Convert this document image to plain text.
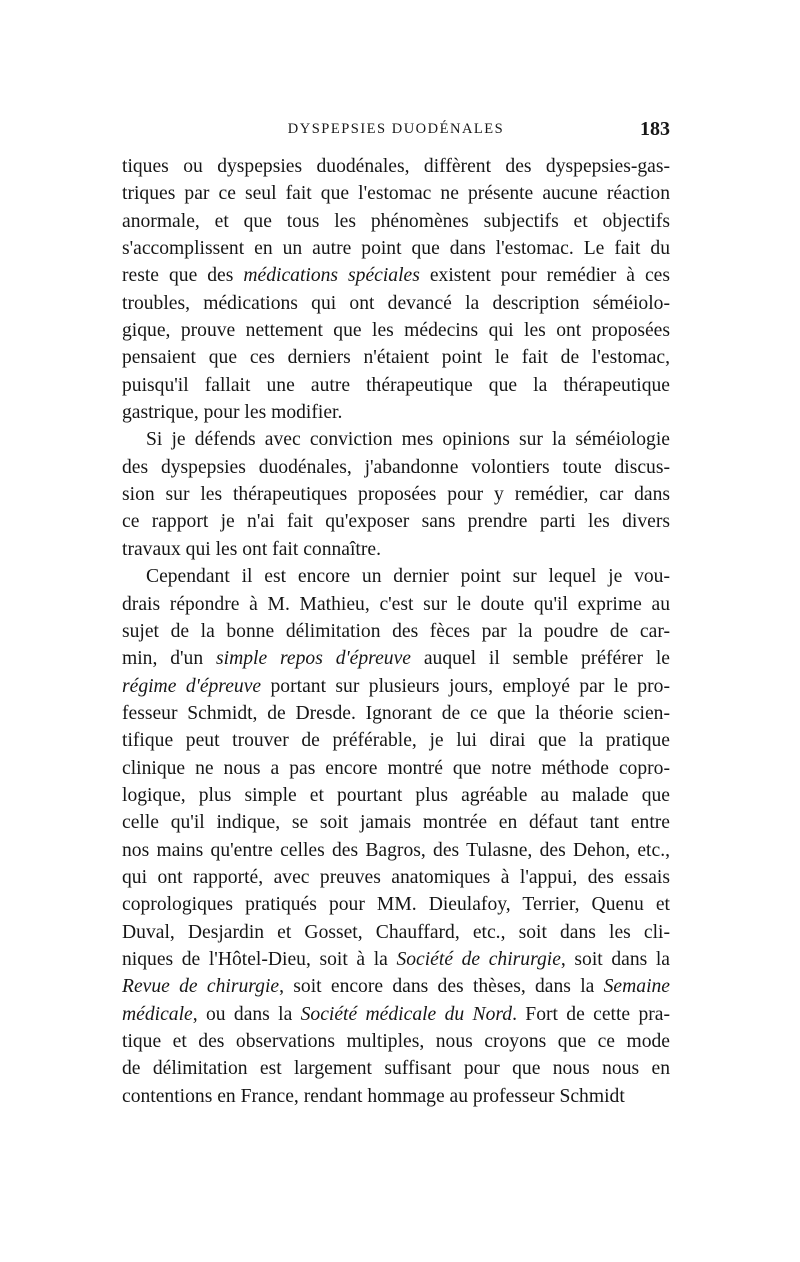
DYSPEPSIES DUODÉNALES	183
tiques ou dyspepsies duodénales, diffèrent des dyspepsies-gas-
triques par ce seul fait que l'estomac ne présente aucune réaction
anormale, et que tous les phénomènes subjectifs et objectifs
s'accomplissent en un autre point que dans l'estomac. Le fait du
reste que des médications spéciales existent pour remédier à ces
troubles, médications qui ont devancé la description séméiolo-
gique, prouve nettement que les médecins qui les ont proposées
pensaient que ces derniers n'étaient point le fait de l'estomac,
puisqu'il fallait une autre thérapeutique que la thérapeutique
gastrique, pour les modifier.
Si je défends avec conviction mes opinions sur la séméiologie
des dyspepsies duodénales, j'abandonne volontiers toute discus-
sion sur les thérapeutiques proposées pour y remédier, car dans
ce rapport je n'ai fait qu'exposer sans prendre parti les divers
travaux qui les ont fait connaître.
Cependant il est encore un dernier point sur lequel je vou-
drais répondre à M. Mathieu, c'est sur le doute qu'il exprime au
sujet de la bonne délimitation des fèces par la poudre de car-
min, d'un simple repos d'épreuve auquel il semble préférer le
régime d'épreuve portant sur plusieurs jours, employé par le pro-
fesseur Schmidt, de Dresde. Ignorant de ce que la théorie scien-
tifique peut trouver de préférable, je lui dirai que la pratique
clinique ne nous a pas encore montré que notre méthode copro-
logique, plus simple et pourtant plus agréable au malade que
celle qu'il indique, se soit jamais montrée en défaut tant entre
nos mains qu'entre celles des Bagros, des Tulasne, des Dehon, etc.,
qui ont rapporté, avec preuves anatomiques à l'appui, des essais
coprologiques pratiqués pour MM. Dieulafoy, Terrier, Quenu et
Duval, Desjardin et Gosset, Chauffard, etc., soit dans les cli-
niques de l'Hôtel-Dieu, soit à la Société de chirurgie, soit dans la
Revue de chirurgie, soit encore dans des thèses, dans la Semaine
médicale, ou dans la Société médicale du Nord. Fort de cette pra-
tique et des observations multiples, nous croyons que ce mode
de délimitation est largement suffisant pour que nous nous en
contentions en France, rendant hommage au professeur Schmidt
